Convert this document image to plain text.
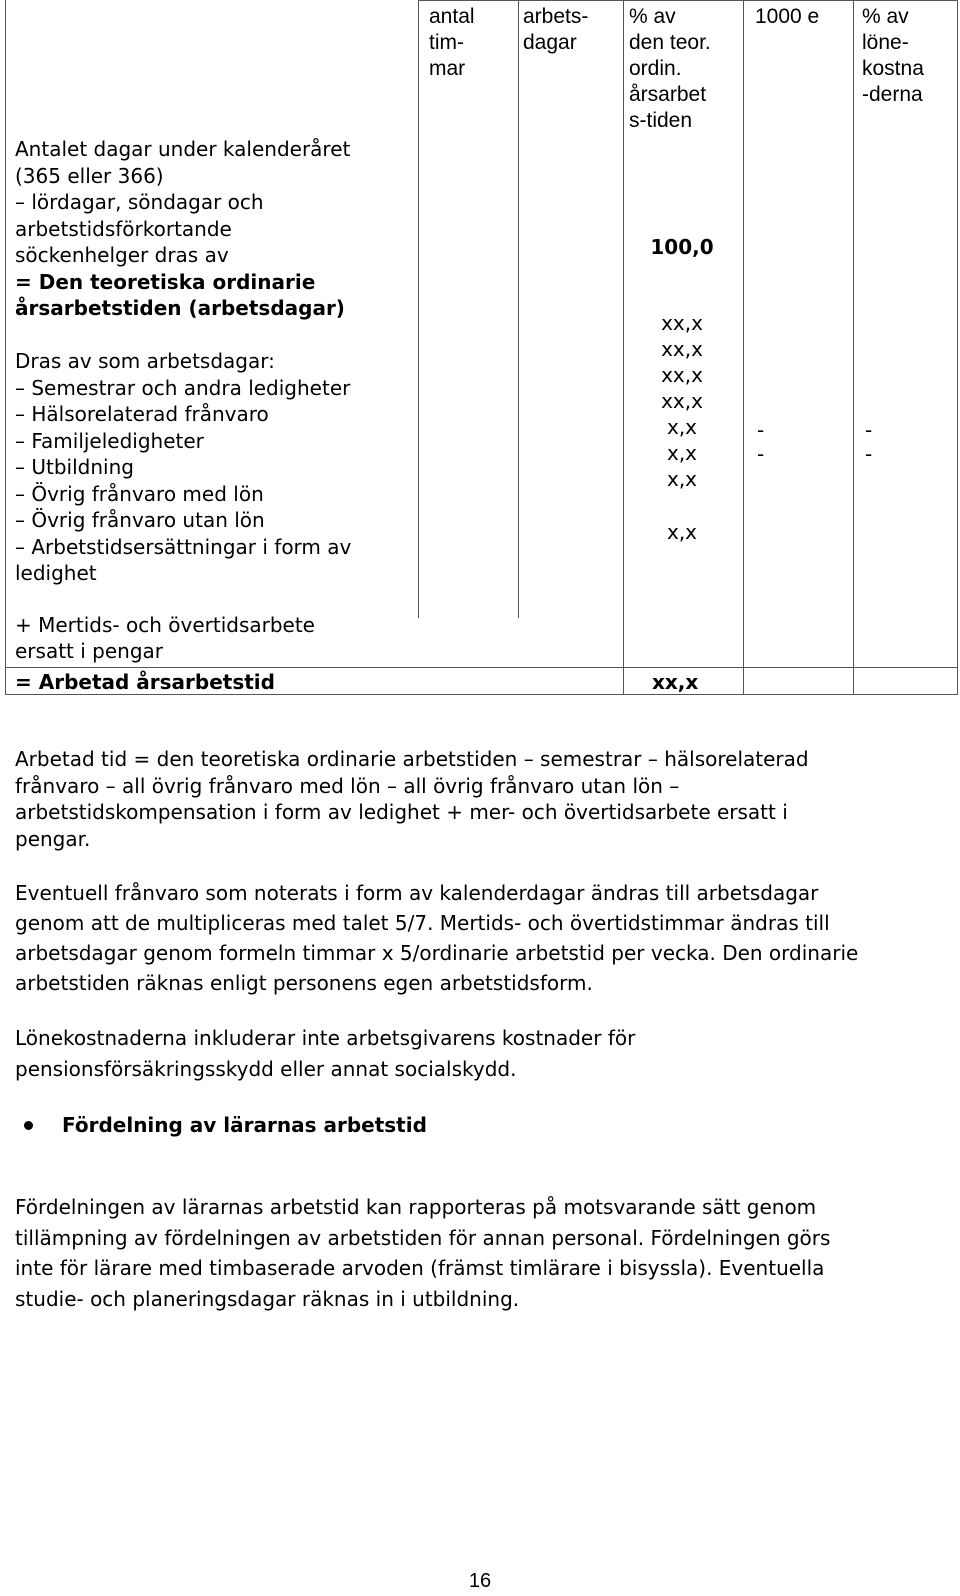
antal
tim-
mar
arbets-
dagar
% av
den teor.
ordin.
årsarbet
s-tiden
1000 e % av
löne-
kostna
-derna
Antalet dagar under kalenderåret
(365 eller 366)
– lördagar, söndagar och
arbetstidsförkortande
söckenhelger dras av
= Den teoretiska ordinarie
årsarbetstiden (arbetsdagar)
Dras av som arbetsdagar:
– Semestrar och andra ledigheter
– Hälsorelaterad frånvaro
– Familjeledigheter
– Utbildning
– Övrig frånvaro med lön
– Övrig frånvaro utan lön
– Arbetstidsersättningar i form av
ledighet
100,0
xx,x
xx,x
xx,x
xx,x
x,x
x,x
x,x
x,x
-
-
-
-
+ Mertids- och övertidsarbete
ersatt i pengar
= Arbetad årsarbetstid	xx,x
Arbetad tid = den teoretiska ordinarie arbetstiden – semestrar – hälsorelaterad
frånvaro – all övrig frånvaro med lön – all övrig frånvaro utan lön –
arbetstidskompensation i form av ledighet + mer- och övertidsarbete ersatt i
pengar.
Eventuell frånvaro som noterats i form av kalenderdagar ändras till arbetsdagar
genom att de multipliceras med talet 5/7. Mertids- och övertidstimmar ändras till
arbetsdagar genom formeln timmar x 5/ordinarie arbetstid per vecka. Den ordinarie
arbetstiden räknas enligt personens egen arbetstidsform.
Lönekostnaderna inkluderar inte arbetsgivarens kostnader för
pensionsförsäkringsskydd eller annat socialskydd.
Fördelning av lärarnas arbetstid
Fördelningen av lärarnas arbetstid kan rapporteras på motsvarande sätt genom
tillämpning av fördelningen av arbetstiden för annan personal. Fördelningen görs
inte för lärare med timbaserade arvoden (främst timlärare i bisyssla). Eventuella
studie- och planeringsdagar räknas in i utbildning.
16
